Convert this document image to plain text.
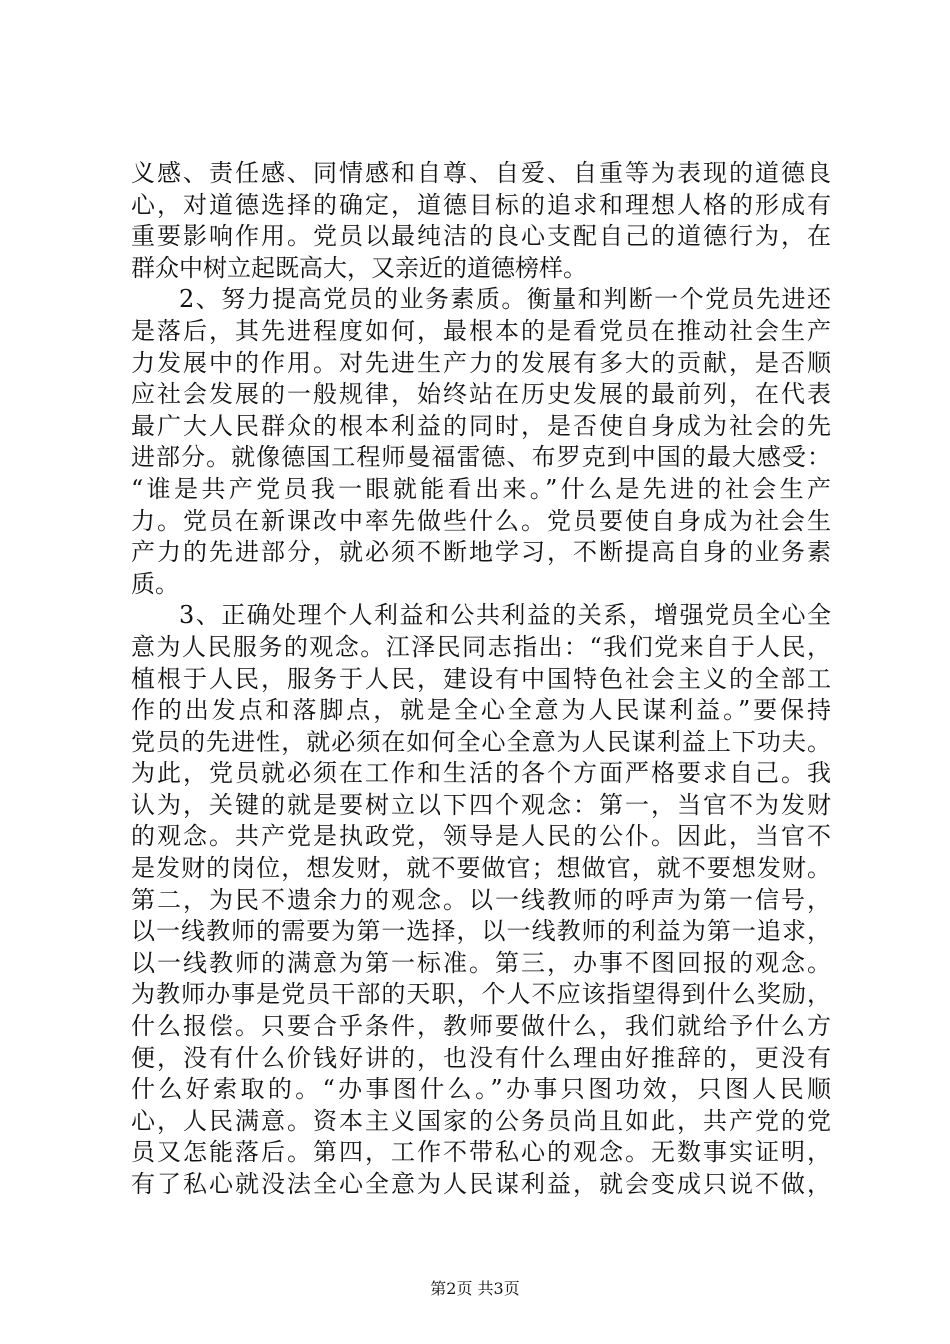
义感、责任感、同情感和自尊、自爱、自重等为表现的道德良
心，对道德选择的确定，道德目标的追求和理想人格的形成有
重要影响作用。党员以最纯洁的良心支配自己的道德行为，在
群众中树立起既高大，又亲近的道德榜样。
2、努力提高党员的业务素质。衡量和判断一个党员先进还
是落后，其先进程度如何，最根本的是看党员在推动社会生产
力发展中的作用。对先进生产力的发展有多大的贡献，是否顺
应社会发展的一般规律，始终站在历史发展的最前列，在代表
最广大人民群众的根本利益的同时，是否使自身成为社会的先
进部分。就像德国工程师曼福雷德、布罗克到中国的最大感受：
“谁是共产党员我一眼就能看出来。”什么是先进的社会生产
力。党员在新课改中率先做些什么。党员要使自身成为社会生
产力的先进部分，就必须不断地学习，不断提高自身的业务素
质。
3、正确处理个人利益和公共利益的关系，增强党员全心全
意为人民服务的观念。江泽民同志指出：“我们党来自于人民，
植根于人民，服务于人民，建设有中国特色社会主义的全部工
作的出发点和落脚点，就是全心全意为人民谋利益。”要保持
党员的先进性，就必须在如何全心全意为人民谋利益上下功夫。
为此，党员就必须在工作和生活的各个方面严格要求自己。我
认为，关键的就是要树立以下四个观念：第一，当官不为发财
的观念。共产党是执政党，领导是人民的公仆。因此，当官不
是发财的岗位，想发财，就不要做官；想做官，就不要想发财。
第二，为民不遗余力的观念。以一线教师的呼声为第一信号，
以一线教师的需要为第一选择，以一线教师的利益为第一追求，
以一线教师的满意为第一标准。第三，办事不图回报的观念。
为教师办事是党员干部的天职，个人不应该指望得到什么奖励，
什么报偿。只要合乎条件，教师要做什么，我们就给予什么方
便，没有什么价钱好讲的，也没有什么理由好推辞的，更没有
什么好索取的。“办事图什么。”办事只图功效，只图人民顺
心，人民满意。资本主义国家的公务员尚且如此，共产党的党
员又怎能落后。第四，工作不带私心的观念。无数事实证明，
有了私心就没法全心全意为人民谋利益，就会变成只说不做，
第2页 共3页
